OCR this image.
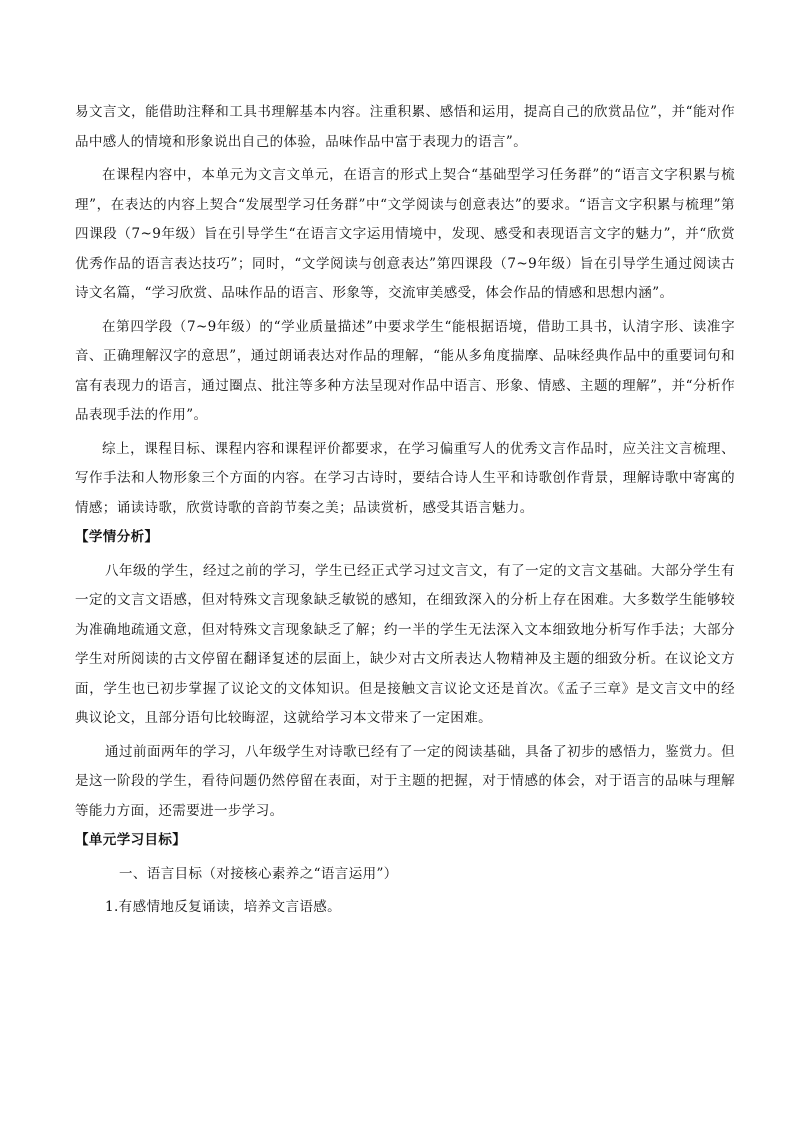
易文言文，能借助注释和工具书理解基本内容。注重积累、感悟和运用，提高自己的欣赏品位”，并“能对作品中感人的情境和形象说出自己的体验，品味作品中富于表现力的语言”。

在课程内容中，本单元为文言文单元，在语言的形式上契合“基础型学习任务群”的“语言文字积累与梳理”，在表达的内容上契合“发展型学习任务群”中“文学阅读与创意表达”的要求。“语言文字积累与梳理”第四课段（7~9年级）旨在引导学生“在语言文字运用情境中，发现、感受和表现语言文字的魅力”，并“欣赏优秀作品的语言表达技巧”；同时，“文学阅读与创意表达”第四课段（7~9年级）旨在引导学生通过阅读古诗文名篇，“学习欣赏、品味作品的语言、形象等，交流审美感受，体会作品的情感和思想内涵”。

在第四学段（7~9年级）的“学业质量描述”中要求学生“能根据语境，借助工具书，认清字形、读准字音、正确理解汉字的意思”，通过朗诵表达对作品的理解，“能从多角度揣摩、品味经典作品中的重要词句和富有表现力的语言，通过圈点、批注等多种方法呈现对作品中语言、形象、情感、主题的理解”，并“分析作品表现手法的作用”。

综上，课程目标、课程内容和课程评价都要求，在学习偏重写人的优秀文言作品时，应关注文言梳理、写作手法和人物形象三个方面的内容。在学习古诗时，要结合诗人生平和诗歌创作背景，理解诗歌中寄寓的情感；诵读诗歌，欣赏诗歌的音韵节奏之美；品读赏析，感受其语言魅力。

【学情分析】

八年级的学生，经过之前的学习，学生已经正式学习过文言文，有了一定的文言文基础。大部分学生有一定的文言文语感，但对特殊文言现象缺乏敏锐的感知，在细致深入的分析上存在困难。大多数学生能够较为准确地疏通文意，但对特殊文言现象缺乏了解；约一半的学生无法深入文本细致地分析写作手法；大部分学生对所阅读的古文停留在翻译复述的层面上，缺少对古文所表达人物精神及主题的细致分析。在议论文方面，学生也已初步掌握了议论文的文体知识。但是接触文言议论文还是首次。《孟子三章》是文言文中的经典议论文，且部分语句比较晦涩，这就给学习本文带来了一定困难。

通过前面两年的学习，八年级学生对诗歌已经有了一定的阅读基础，具备了初步的感悟力，鉴赏力。但是这一阶段的学生，看待问题仍然停留在表面，对于主题的把握，对于情感的体会，对于语言的品味与理解等能力方面，还需要进一步学习。

【单元学习目标】

一、语言目标（对接核心素养之“语言运用”）

1.有感情地反复诵读，培养文言语感。
